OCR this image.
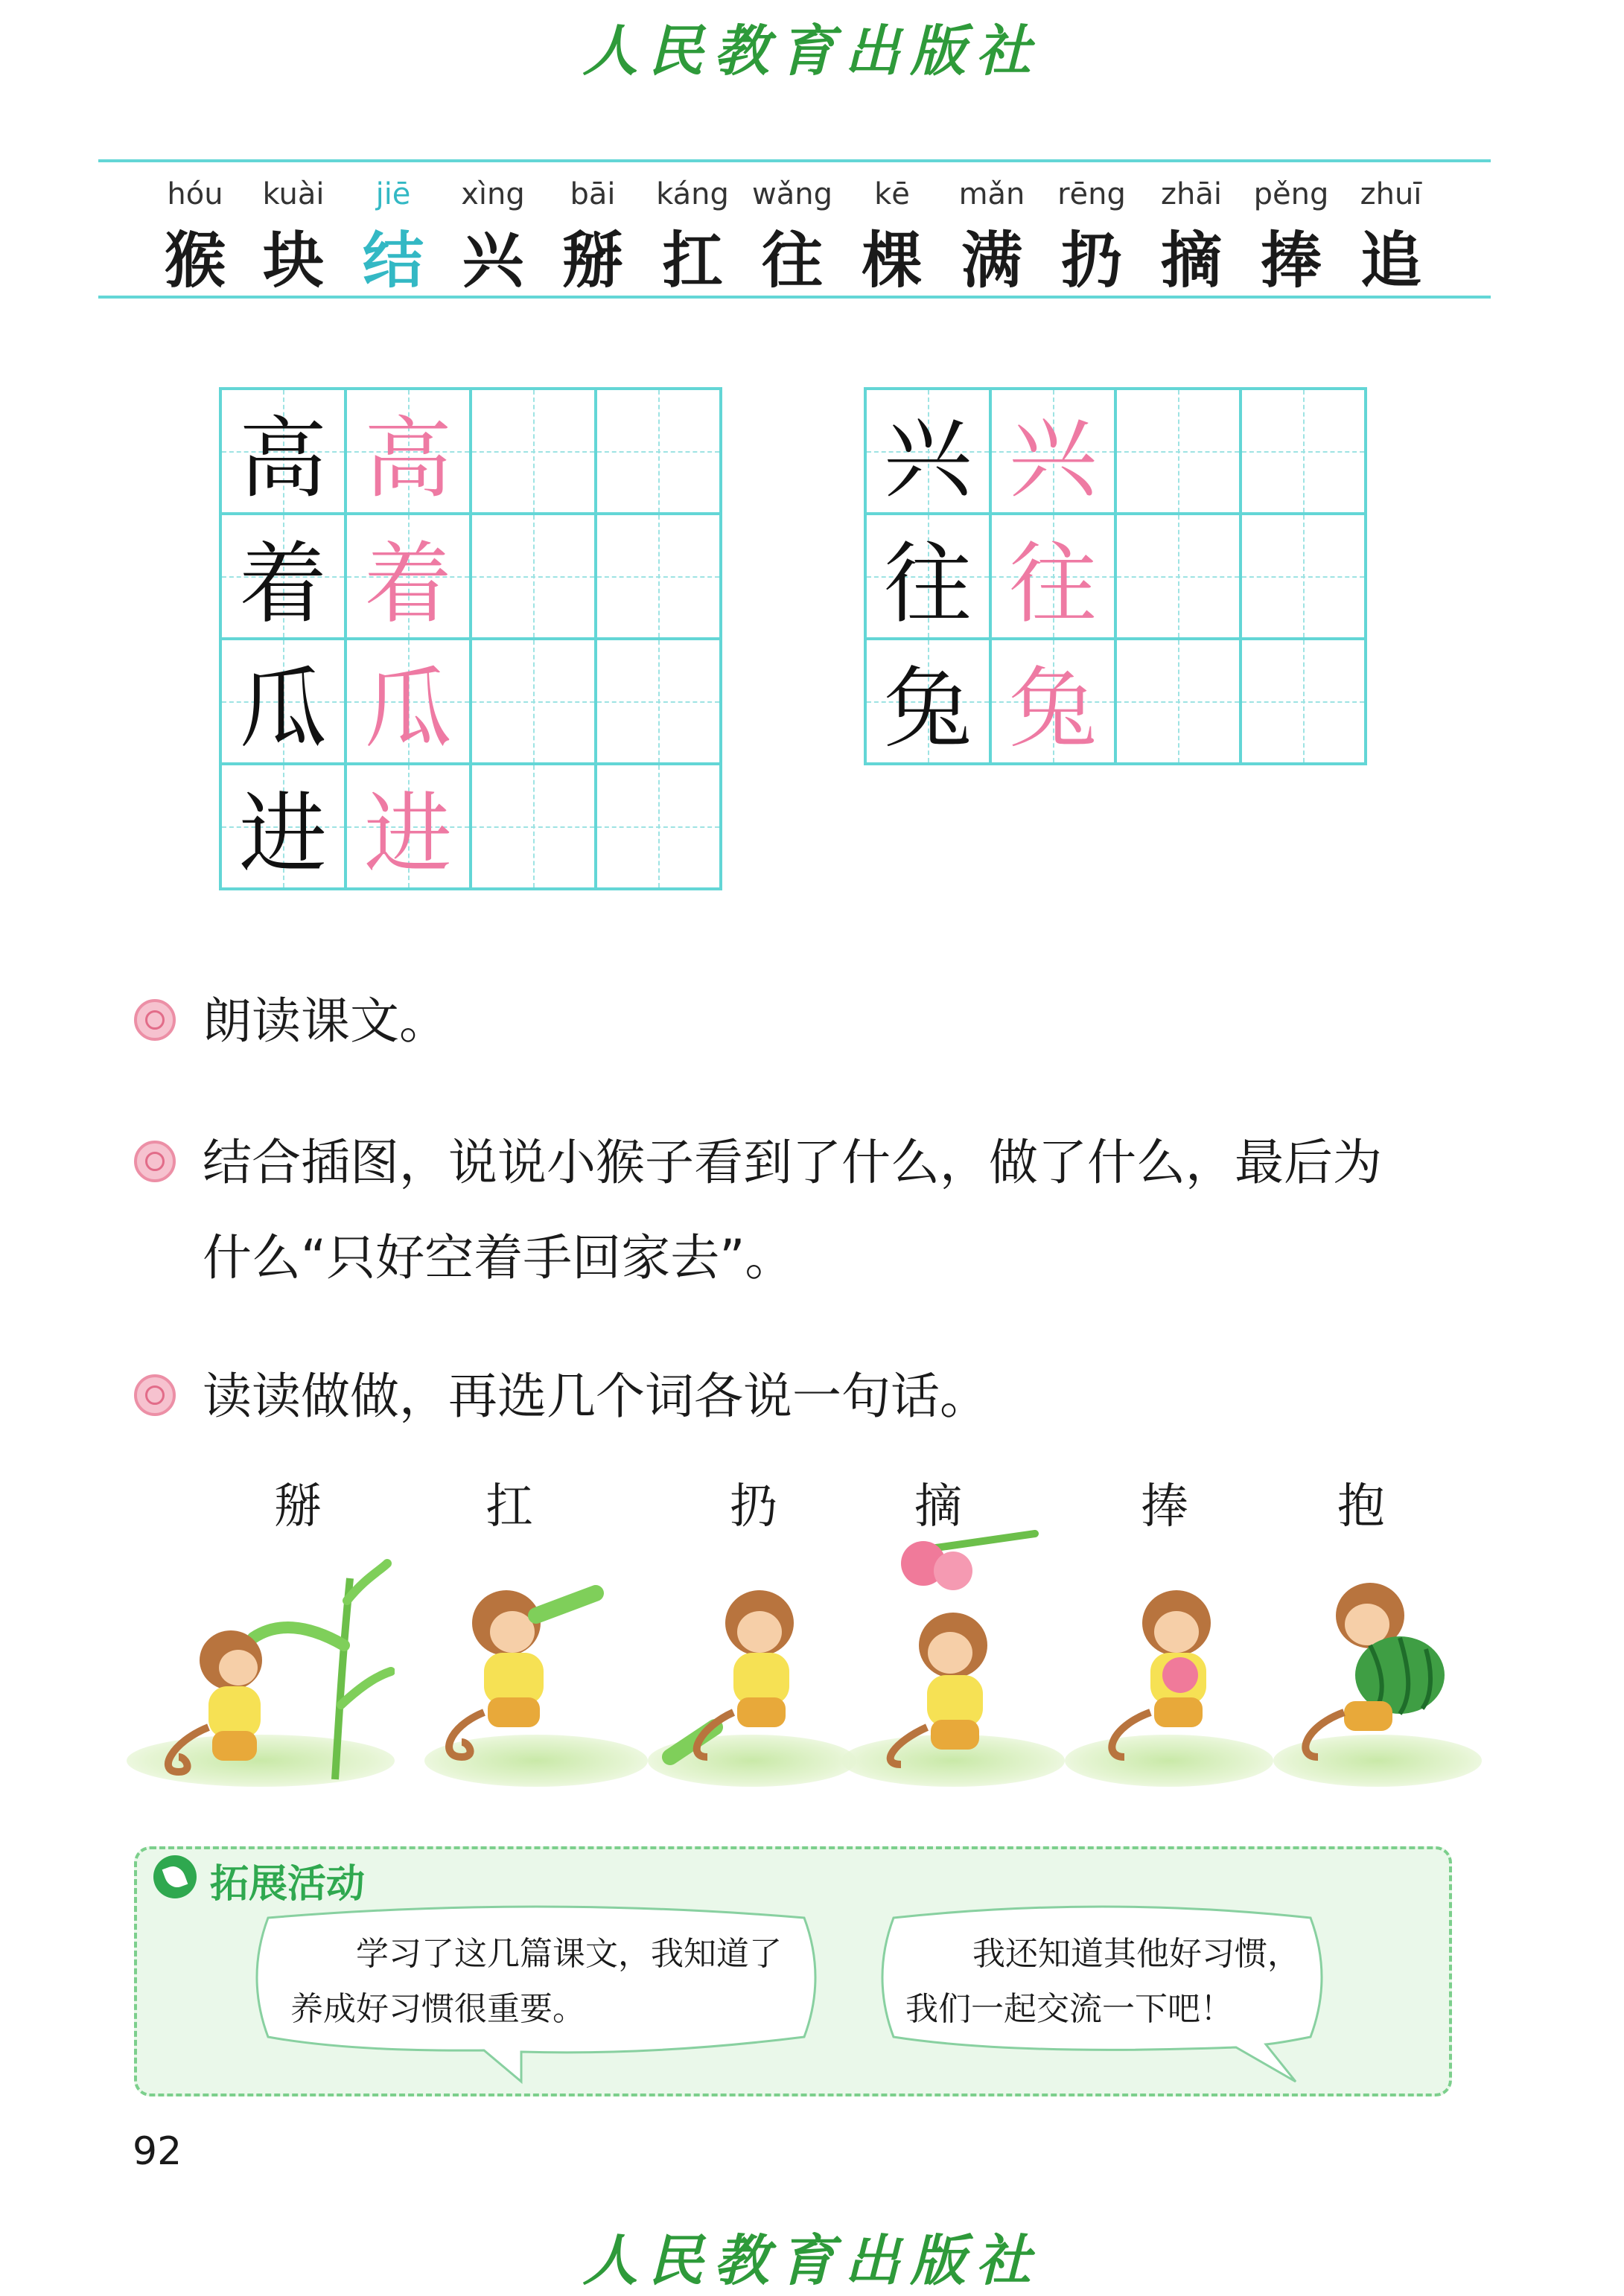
人民教育出版社
hóu	kuài	jiē	xìng	bāi	káng wǎng	kē	mǎn	rēng	zhāi	pěng	zhuī
猴 块 结 兴 掰 扛 往 棵 满 扔 摘 捧 追
高	高		

着	着		

瓜	瓜		

进	进		

兴	兴		

往	往		

兔	兔		

朗读课文。
结合插图，说说小猴子看到了什么，做了什么，最后为
什么“只好空着手回家去”。
读读做做，再选几个词各说一句话。
掰	扛	扔	摘	捧	抱
拓展活动
学习了这几篇课文，我知道了
养成好习惯很重要。
我还知道其他好习惯，
我们一起交流一下吧！
92
人民教育出版社
